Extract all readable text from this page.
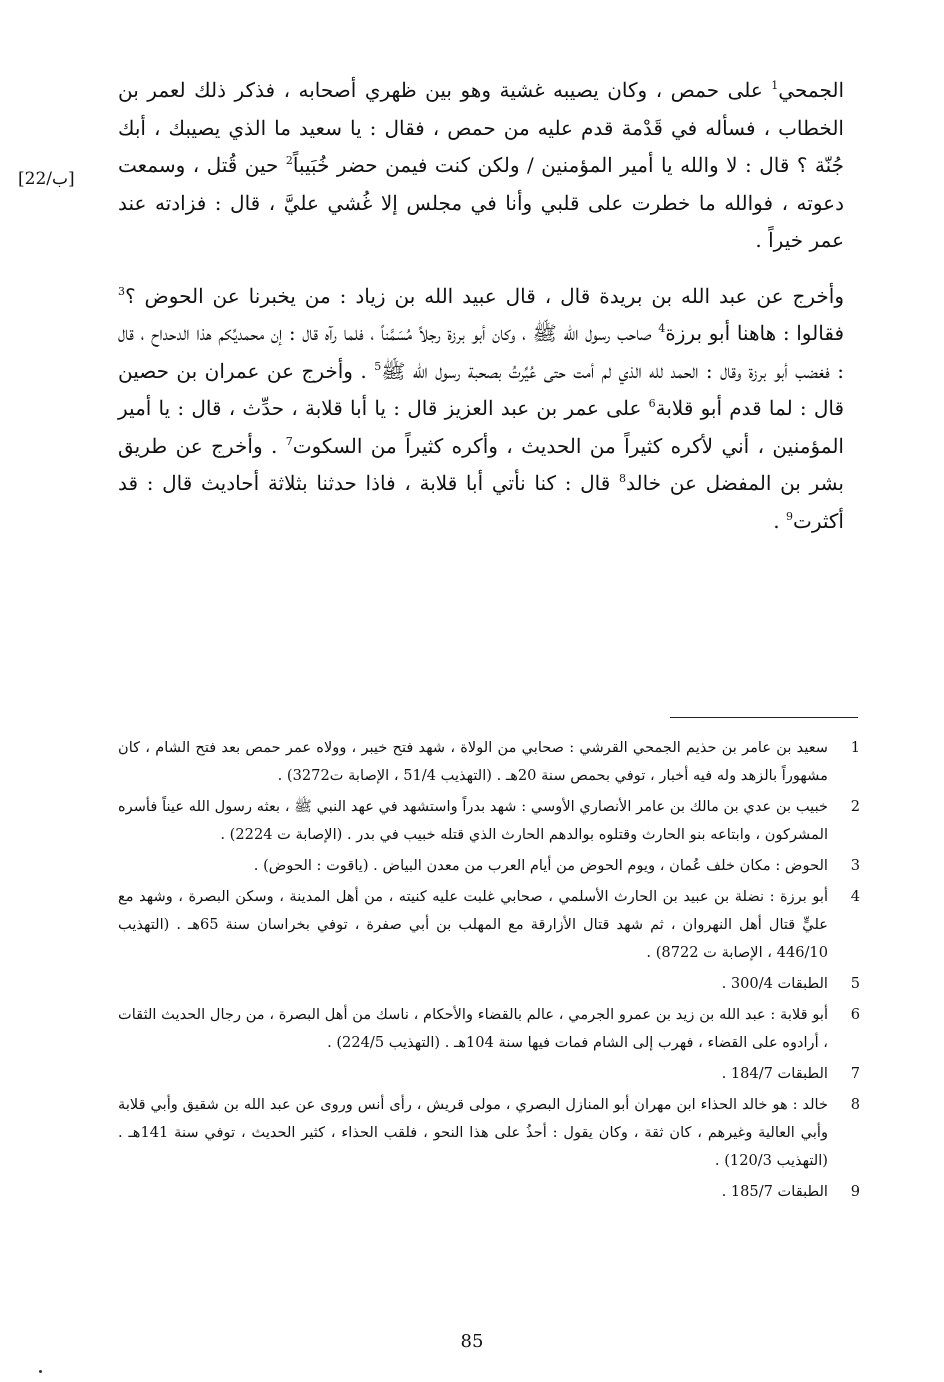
[22/ب]

الجمحي$^1$ على حمص ، وكان يصيبه غشية وهو بين ظهري أصحابه ، فذكر ذلك لعمر بن الخطاب ، فسأله في قَدْمة قدم عليه من حمص ، فقال : يا سعيد ما الذي يصيبك ، أبك جُنّة ؟ قال : لا والله يا أمير المؤمنين / ولكن كنت فيمن حضر خُبَيباً$^2$ حين قُتل ، وسمعت دعوته ، فوالله ما خطرت على قلبي وأنا في مجلس إلا غُشي عليَّ ، قال : فزادته عند عمر خيراً .

وأخرج عن عبد الله بن بريدة قال ، قال عبيد الله بن زياد : من يخبرنا عن الحوض ؟$^3$ فقالوا : هاهنا أبو برزة$^4$ صاحب رسول الله ﷺ ، وكان أبو برزة رجلاً مُسَمَّناً ، فلما رآه قال : إن محمديِّكم هذا الدحداح ، قال : فغضب أبو برزة وقال : الحمد لله الذي لم أمت حتى عُيِّرتُ بصحبة رسول الله ﷺ$^5$ . وأخرج عن عمران بن حصين قال : لما قدم أبو قلابة$^6$ على عمر بن عبد العزيز قال : يا أبا قلابة ، حدِّث ، قال : يا أمير المؤمنين ، أني لأكره كثيراً من الحديث ، وأكره كثيراً من السكوت$^7$ . وأخرج عن طريق بشر بن المفضل عن خالد$^8$ قال : كنا نأتي أبا قلابة ، فاذا حدثنا بثلاثة أحاديث قال : قد أكثرت$^9$ .

1
سعيد بن عامر بن حذيم الجمحي القرشي : صحابي من الولاة ، شهد فتح خيبر ، وولاه عمر حمص بعد فتح الشام ، كان مشهوراً بالزهد وله فيه أخبار ، توفي بحمص سنة 20هـ . (التهذيب 51/4 ، الإصابة ت3272) .
2
خبيب بن عدي بن مالك بن عامر الأنصاري الأوسي : شهد بدراً واستشهد في عهد النبي ﷺ ، بعثه رسول الله عيناً فأسره المشركون ، وابتاعه بنو الحارث وقتلوه بوالدهم الحارث الذي قتله خبيب في بدر . (الإصابة ت 2224) .
3
الحوض : مكان خلف عُمان ، ويوم الحوض من أيام العرب من معدن البياض . (ياقوت : الحوض) .
4
أبو برزة : نضلة بن عبيد بن الحارث الأسلمي ، صحابي غلبت عليه كنيته ، من أهل المدينة ، وسكن البصرة ، وشهد مع عليٍّ قتال أهل النهروان ، ثم شهد قتال الأزارقة مع المهلب بن أبي صفرة ، توفي بخراسان سنة 65هـ . (التهذيب 446/10 ، الإصابة ت 8722) .
5
الطبقات 300/4 .
6
أبو قلابة : عبد الله بن زيد بن عمرو الجرمي ، عالم بالقضاء والأحكام ، ناسك من أهل البصرة ، من رجال الحديث الثقات ، أرادوه على القضاء ، فهرب إلى الشام فمات فيها سنة 104هـ . (التهذيب 224/5) .
7
الطبقات 184/7 .
8
خالد : هو خالد الحذاء ابن مهران أبو المنازل البصري ، مولى قريش ، رأى أنس وروى عن عبد الله بن شقيق وأبي قلابة وأبي العالية وغيرهم ، كان ثقة ، وكان يقول : أحذُ على هذا النحو ، فلقب الحذاء ، كثير الحديث ، توفي سنة 141هـ . (التهذيب 120/3) .
9
الطبقات 185/7 .
85
